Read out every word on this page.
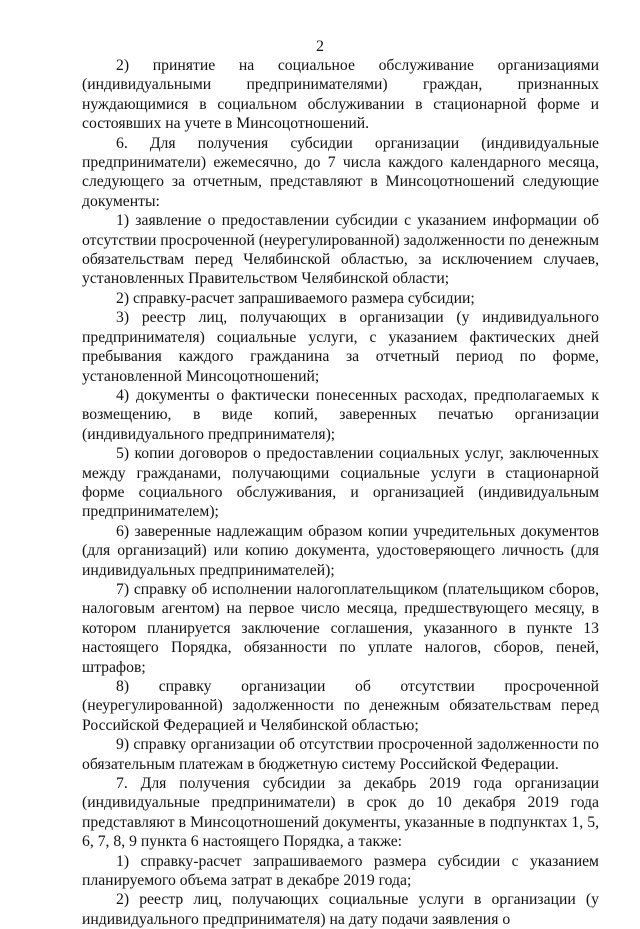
2

2) принятие на социальное обслуживание организациями (индивидуальными предпринимателями) граждан, признанных нуждающимися в социальном обслуживании в стационарной форме и состоявших на учете в Минсоцотношений.

6. Для получения субсидии организации (индивидуальные предприниматели) ежемесячно, до 7 числа каждого календарного месяца, следующего за отчетным, представляют в Минсоцотношений следующие документы:

1) заявление о предоставлении субсидии с указанием информации об отсутствии просроченной (неурегулированной) задолженности по денежным обязательствам перед Челябинской областью, за исключением случаев, установленных Правительством Челябинской области;

2) справку-расчет запрашиваемого размера субсидии;

3) реестр лиц, получающих в организации (у индивидуального предпринимателя) социальные услуги, с указанием фактических дней пребывания каждого гражданина за отчетный период по форме, установленной Минсоцотношений;

4) документы о фактически понесенных расходах, предполагаемых к возмещению, в виде копий, заверенных печатью организации (индивидуального предпринимателя);

5) копии договоров о предоставлении социальных услуг, заключенных между гражданами, получающими социальные услуги в стационарной форме социального обслуживания, и организацией (индивидуальным предпринимателем);

6) заверенные надлежащим образом копии учредительных документов (для организаций) или копию документа, удостоверяющего личность (для индивидуальных предпринимателей);

7) справку об исполнении налогоплательщиком (плательщиком сборов, налоговым агентом) на первое число месяца, предшествующего месяцу, в котором планируется заключение соглашения, указанного в пункте 13 настоящего Порядка, обязанности по уплате налогов, сборов, пеней, штрафов;

8) справку организации об отсутствии просроченной (неурегулированной) задолженности по денежным обязательствам перед Российской Федерацией и Челябинской областью;

9) справку организации об отсутствии просроченной задолженности по обязательным платежам в бюджетную систему Российской Федерации.

7. Для получения субсидии за декабрь 2019 года организации (индивидуальные предприниматели) в срок до 10 декабря 2019 года представляют в Минсоцотношений документы, указанные в подпунктах 1, 5, 6, 7, 8, 9 пункта 6 настоящего Порядка, а также:

1) справку-расчет запрашиваемого размера субсидии с указанием планируемого объема затрат в декабре 2019 года;

2) реестр лиц, получающих социальные услуги в организации (у индивидуального предпринимателя) на дату подачи заявления о
